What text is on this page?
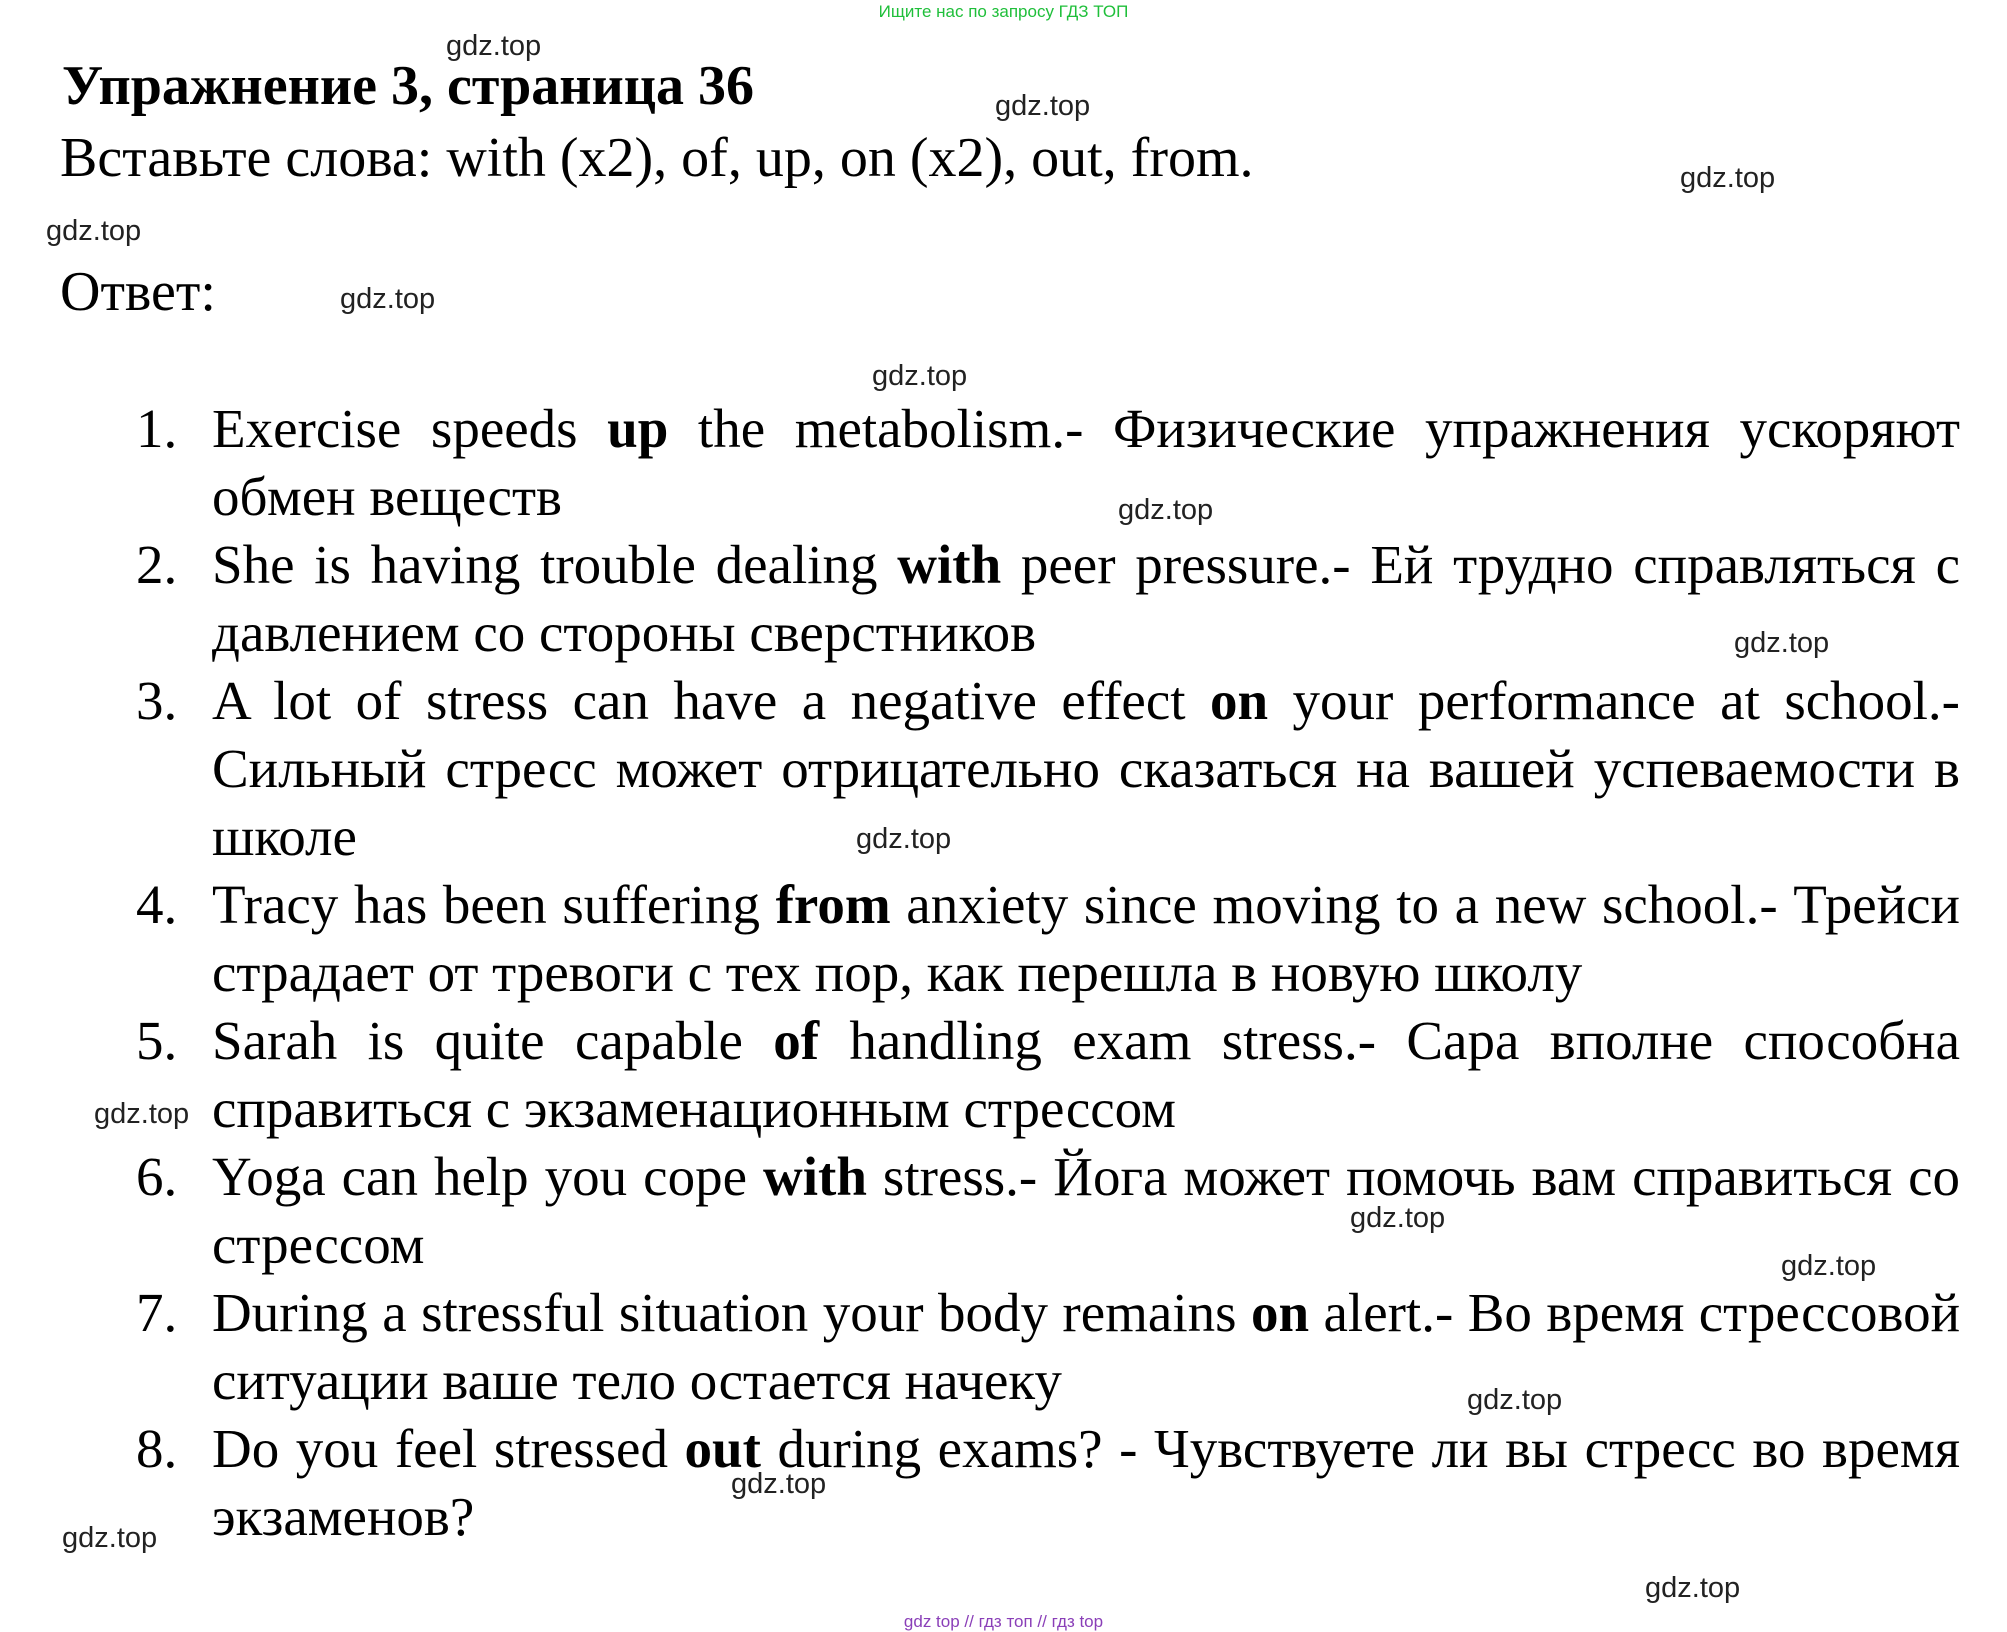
Ищите нас по запросу ГДЗ ТОП
Упражнение 3, страница 36

Вставьте слова: with (x2), of, up, on (x2), out, from.

Ответ:

1. Exercise speeds up the metabolism.- Физические упражнения ускоряют обмен веществ
2. She is having trouble dealing with peer pressure.- Ей трудно справляться с давлением со стороны сверстников
3. A lot of stress can have a negative effect on your performance at school.- Сильный стресс может отрицательно сказаться на вашей успеваемости в школе
4. Tracy has been suffering from anxiety since moving to a new school.- Трейси страдает от тревоги с тех пор, как перешла в новую школу
5. Sarah is quite capable of handling exam stress.- Сара вполне способна справиться с экзаменационным стрессом
6. Yoga can help you cope with stress.- Йога может помочь вам справиться со стрессом
7. During a stressful situation your body remains on alert.- Во время стрессовой ситуации ваше тело остается начеку
8. Do you feel stressed out during exams? - Чувствуете ли вы стресс во время экзаменов?
gdz.top
gdz.top
gdz.top
gdz.top
gdz.top
gdz.top
gdz.top
gdz.top
gdz.top
gdz.top
gdz.top
gdz.top
gdz.top
gdz.top
gdz.top
gdz.top
gdz top // гдз топ // гдз top
